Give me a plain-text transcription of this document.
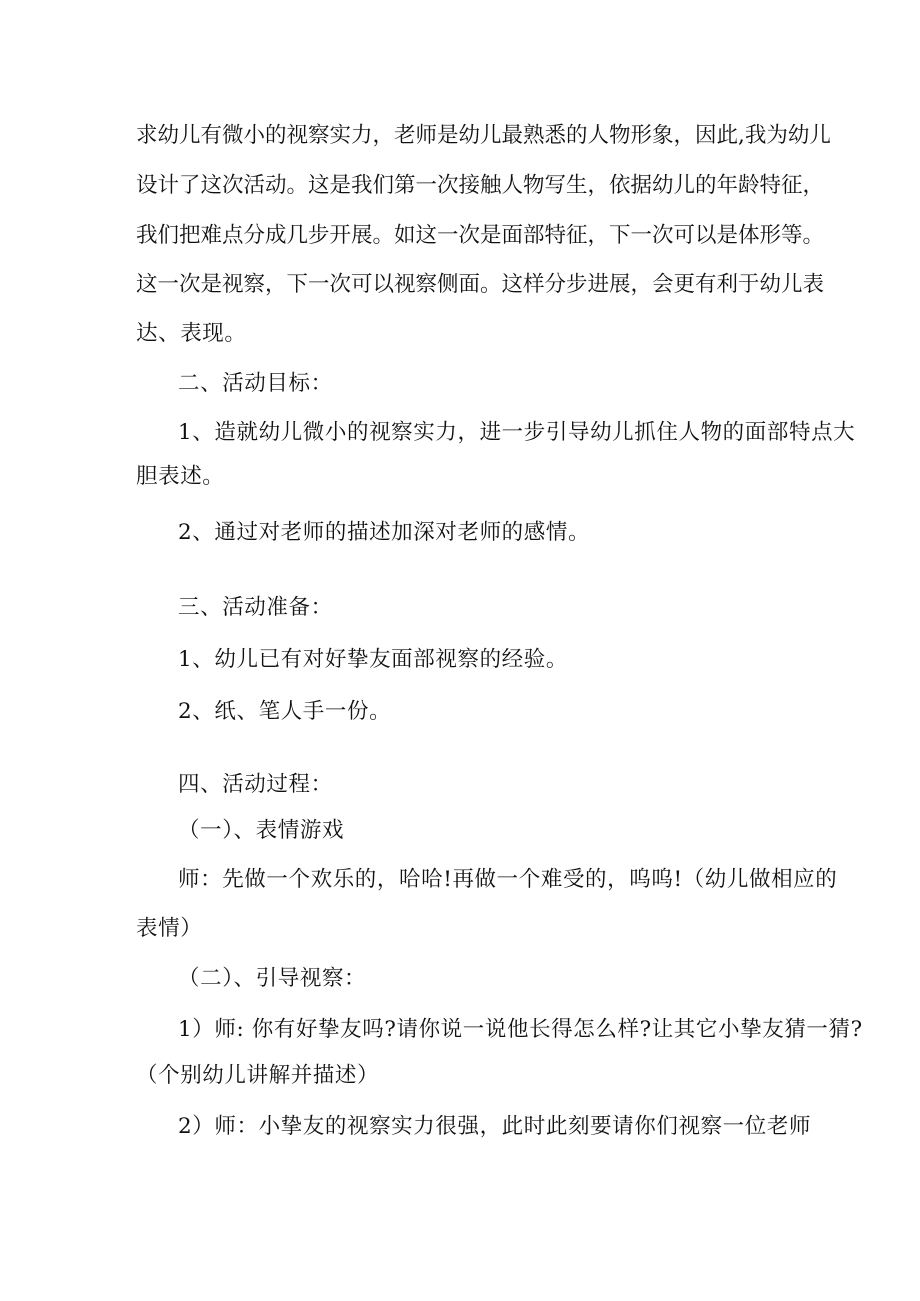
求幼儿有微小的视察实力，老师是幼儿最熟悉的人物形象，因此,我为幼儿
设计了这次活动。这是我们第一次接触人物写生，依据幼儿的年龄特征，
我们把难点分成几步开展。如这一次是面部特征，下一次可以是体形等。
这一次是视察，下一次可以视察侧面。这样分步进展，会更有利于幼儿表
达、表现。
二、活动目标：
1、造就幼儿微小的视察实力，进一步引导幼儿抓住人物的面部特点大
胆表述。
2、通过对老师的描述加深对老师的感情。
三、活动准备：
1、幼儿已有对好挚友面部视察的经验。
2、纸、笔人手一份。
四、活动过程：
（一）、表情游戏
师：先做一个欢乐的，哈哈!再做一个难受的，呜呜!（幼儿做相应的
表情）
（二）、引导视察：
1）师: 你有好挚友吗?请你说一说他长得怎么样?让其它小挚友猜一猜?
（个别幼儿讲解并描述）
2）师：小挚友的视察实力很强，此时此刻要请你们视察一位老师
